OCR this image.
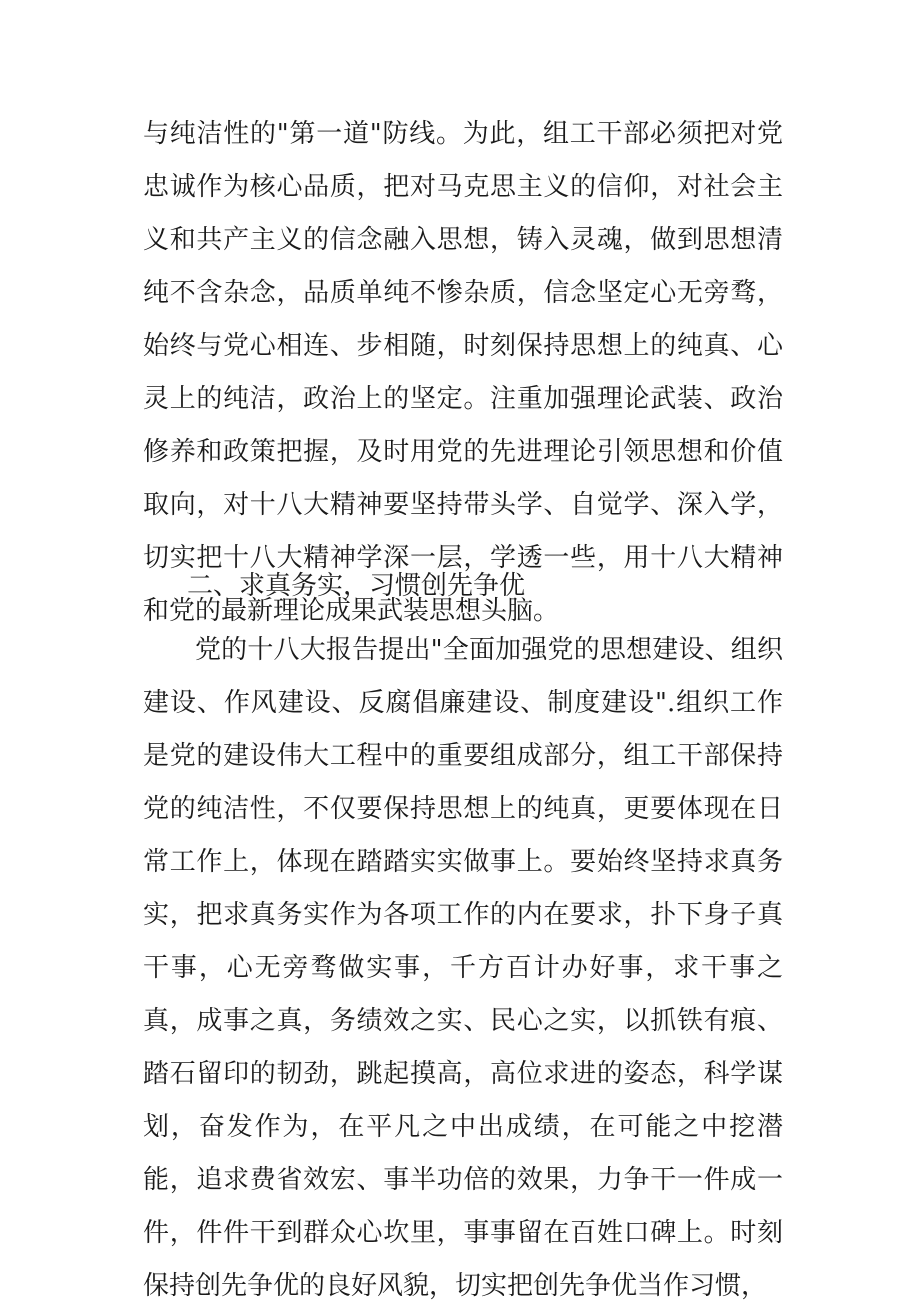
与纯洁性的"第一道"防线。为此，组工干部必须把对党忠诚作为核心品质，把对马克思主义的信仰，对社会主义和共产主义的信念融入思想，铸入灵魂，做到思想清纯不含杂念，品质单纯不惨杂质，信念坚定心无旁骛，始终与党心相连、步相随，时刻保持思想上的纯真、心灵上的纯洁，政治上的坚定。注重加强理论武装、政治修养和政策把握，及时用党的先进理论引领思想和价值取向，对十八大精神要坚持带头学、自觉学、深入学，切实把十八大精神学深一层，学透一些，用十八大精神和党的最新理论成果武装思想头脑。
二、求真务实，习惯创先争优
党的十八大报告提出"全面加强党的思想建设、组织建设、作风建设、反腐倡廉建设、制度建设".组织工作是党的建设伟大工程中的重要组成部分，组工干部保持党的纯洁性，不仅要保持思想上的纯真，更要体现在日常工作上，体现在踏踏实实做事上。要始终坚持求真务实，把求真务实作为各项工作的内在要求，扑下身子真干事，心无旁骛做实事，千方百计办好事，求干事之真，成事之真，务绩效之实、民心之实，以抓铁有痕、踏石留印的韧劲，跳起摸高，高位求进的姿态，科学谋划，奋发作为，在平凡之中出成绩，在可能之中挖潜能，追求费省效宏、事半功倍的效果，力争干一件成一件，件件干到群众心坎里，事事留在百姓口碑上。时刻保持创先争优的良好风貌，切实把创先争优当作习惯，
